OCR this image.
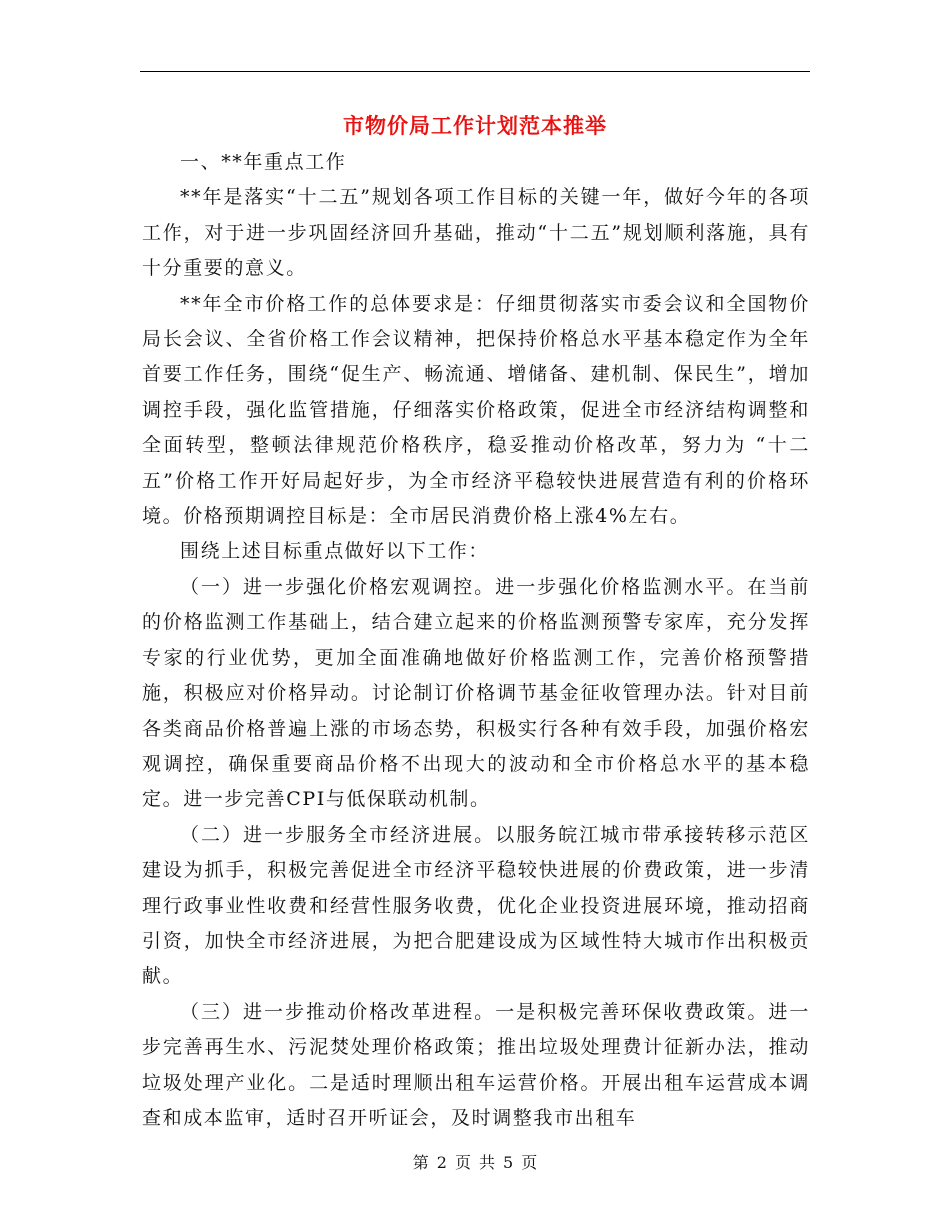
市物价局工作计划范本推举

一、**年重点工作

**年是落实“十二五”规划各项工作目标的关键一年，做好今年的各项工作，对于进一步巩固经济回升基础，推动“十二五”规划顺利落施，具有十分重要的意义。

**年全市价格工作的总体要求是：仔细贯彻落实市委会议和全国物价局长会议、全省价格工作会议精神，把保持价格总水平基本稳定作为全年首要工作任务，围绕“促生产、畅流通、增储备、建机制、保民生”，增加调控手段，强化监管措施，仔细落实价格政策，促进全市经济结构调整和全面转型，整顿法律规范价格秩序，稳妥推动价格改革，努力为 “十二五”价格工作开好局起好步，为全市经济平稳较快进展营造有利的价格环境。价格预期调控目标是：全市居民消费价格上涨4%左右。

围绕上述目标重点做好以下工作：

（一）进一步强化价格宏观调控。进一步强化价格监测水平。在当前的价格监测工作基础上，结合建立起来的价格监测预警专家库，充分发挥专家的行业优势，更加全面准确地做好价格监测工作，完善价格预警措施，积极应对价格异动。讨论制订价格调节基金征收管理办法。针对目前各类商品价格普遍上涨的市场态势，积极实行各种有效手段，加强价格宏观调控，确保重要商品价格不出现大的波动和全市价格总水平的基本稳定。进一步完善CPI与低保联动机制。

（二）进一步服务全市经济进展。以服务皖江城市带承接转移示范区建设为抓手，积极完善促进全市经济平稳较快进展的价费政策，进一步清理行政事业性收费和经营性服务收费，优化企业投资进展环境，推动招商引资，加快全市经济进展，为把合肥建设成为区域性特大城市作出积极贡献。

（三）进一步推动价格改革进程。一是积极完善环保收费政策。进一步完善再生水、污泥焚处理价格政策；推出垃圾处理费计征新办法，推动垃圾处理产业化。二是适时理顺出租车运营价格。开展出租车运营成本调查和成本监审，适时召开听证会，及时调整我市出租车

第 2 页 共 5 页
